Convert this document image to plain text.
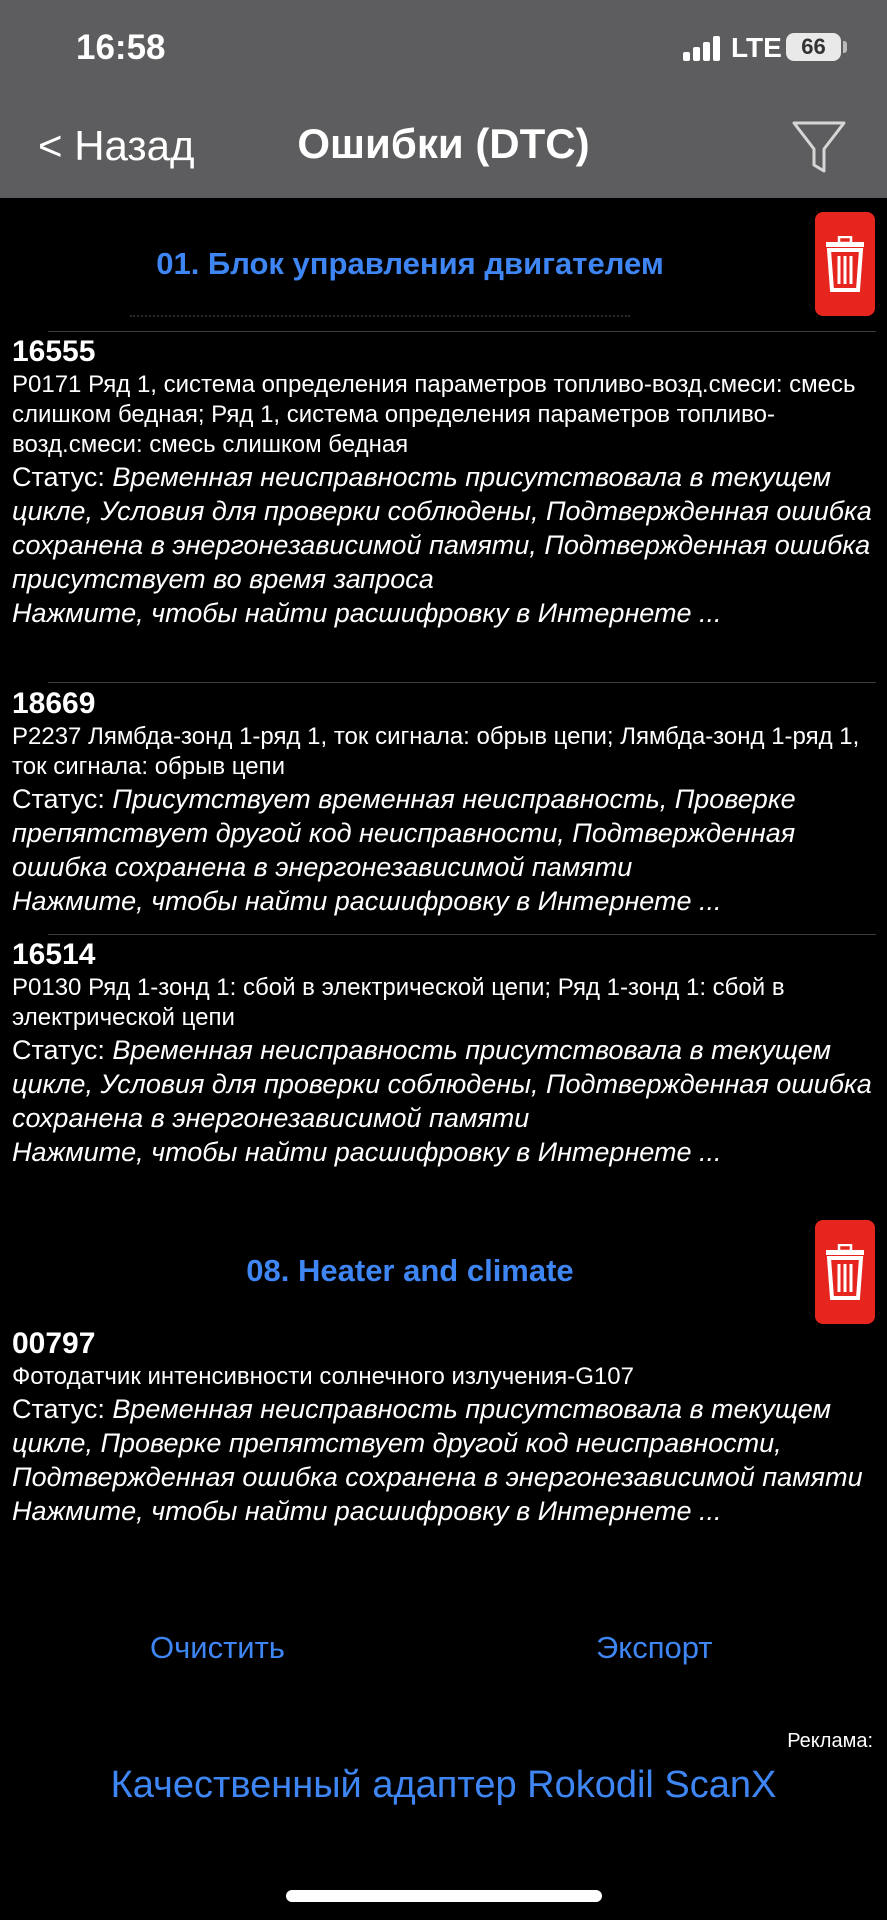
16:58	LTE 66
< Назад	Ошибки (DTC)
01. Блок управления двигателем
16555
P0171 Ряд 1, система определения параметров топливо-возд.смеси: смесь слишком бедная; Ряд 1, система определения параметров топливо-возд.смеси: смесь слишком бедная
Статус: Временная неисправность присутствовала в текущем цикле, Условия для проверки соблюдены, Подтвержденная ошибка сохранена в энергонезависимой памяти, Подтвержденная ошибка присутствует во время запроса
Нажмите, чтобы найти расшифровку в Интернете ...
18669
P2237 Лямбда-зонд 1-ряд 1, ток сигнала: обрыв цепи; Лямбда-зонд 1-ряд 1, ток сигнала: обрыв цепи
Статус: Присутствует временная неисправность, Проверке препятствует другой код неисправности, Подтвержденная ошибка сохранена в энергонезависимой памяти
Нажмите, чтобы найти расшифровку в Интернете ...
16514
P0130 Ряд 1-зонд 1: сбой в электрической цепи; Ряд 1-зонд 1: сбой в электрической цепи
Статус: Временная неисправность присутствовала в текущем цикле, Условия для проверки соблюдены, Подтвержденная ошибка сохранена в энергонезависимой памяти
Нажмите, чтобы найти расшифровку в Интернете ...
08. Heater and climate
00797
Фотодатчик интенсивности солнечного излучения-G107
Статус: Временная неисправность присутствовала в текущем цикле, Проверке препятствует другой код неисправности, Подтвержденная ошибка сохранена в энергонезависимой памяти
Нажмите, чтобы найти расшифровку в Интернете ...
Очистить	Экспорт
Реклама:
Качественный адаптер Rokodil ScanX
